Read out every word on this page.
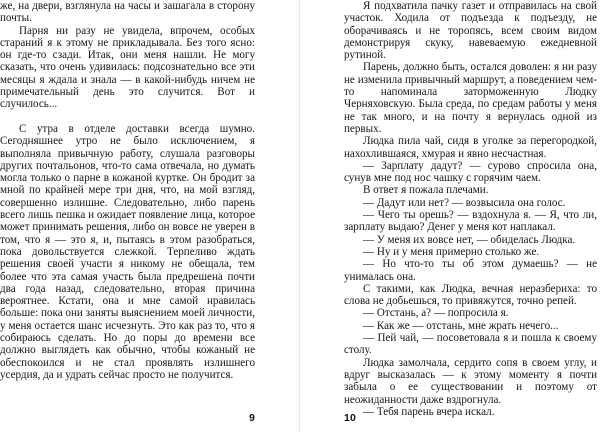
же, на двери, взглянула на часы и зашагала в сторону почты.

Парня ни разу не увидела, впрочем, особых стараний я к этому не прикладывала. Без того ясно: он где-то сзади. Итак, они меня нашли. Не могу сказать, что очень удивилась: подсознательно все эти месяцы я ждала и знала — в какой-нибудь ничем не примечательный день это случится. Вот и случилось...

С утра в отделе доставки всегда шумно. Сегодняшнее утро не было исключением, я выполняла привычную работу, слушала разговоры других почтальонов, что-то сама отвечала, но думать могла только о парне в кожаной куртке. Он бродит за мной по крайней мере три дня, что, на мой взгляд, совершенно излишне. Следовательно, либо парень всего лишь пешка и ожидает появление лица, которое может принимать решения, либо он вовсе не уверен в том, что я — это я, и, пытаясь в этом разобраться, пока довольствуется слежкой. Терпеливо ждать решения своей участи я никому не обещала, тем более что эта самая участь была предрешена почти два года назад, следовательно, вторая причина вероятнее. Кстати, она и мне самой нравилась больше: пока они заняты выяснением моей личности, у меня остается шанс исчезнуть. Это как раз то, что я собираюсь сделать. Но до поры до времени все должно выглядеть как обычно, чтобы кожаный не обеспокоился и не стал проявлять излишнего усердия, да и удрать сейчас просто не получится.

9

Я подхватила пачку газет и отправилась на свой участок. Ходила от подъезда к подъезду, не оборачиваясь и не торопясь, всем своим видом демонстрируя скуку, навеваемую ежедневной рутиной.

Парень, должно быть, остался доволен: я ни разу не изменила привычный маршрут, а поведением чем-то напоминала заторможенную Людку Черняховскую. Была среда, по средам работы у меня не так много, и на почту я вернулась одной из первых.

Людка пила чай, сидя в уголке за перегородкой, нахохлившаяся, хмурая и явно несчастная.

— Зарплату дадут? — сурово спросила она, сунув мне под нос чашку с горячим чаем.

В ответ я пожала плечами.

— Дадут или нет? — возвысила она голос.

— Чего ты орешь? — вздохнула я. — Я, что ли, зарплату выдаю? Денег у меня кот наплакал.

— У меня их вовсе нет, — обиделась Людка.

— Ну и у меня примерно столько же.

— Но что-то ты об этом думаешь? — не унималась она.

С такими, как Людка, вечная неразбериха: то слова не добьешься, то привяжутся, точно репей.

— Отстань, а? — попросила я.

— Как же — отстань, мне жрать нечего...

— Пей чай, — посоветовала я и пошла к своему столу.

Людка замолчала, сердито сопя в своем углу, и вдруг высказалась — к этому моменту я почти забыла о ее существовании и поэтому от неожиданности даже вздрогнула.

— Тебя парень вчера искал.

10
